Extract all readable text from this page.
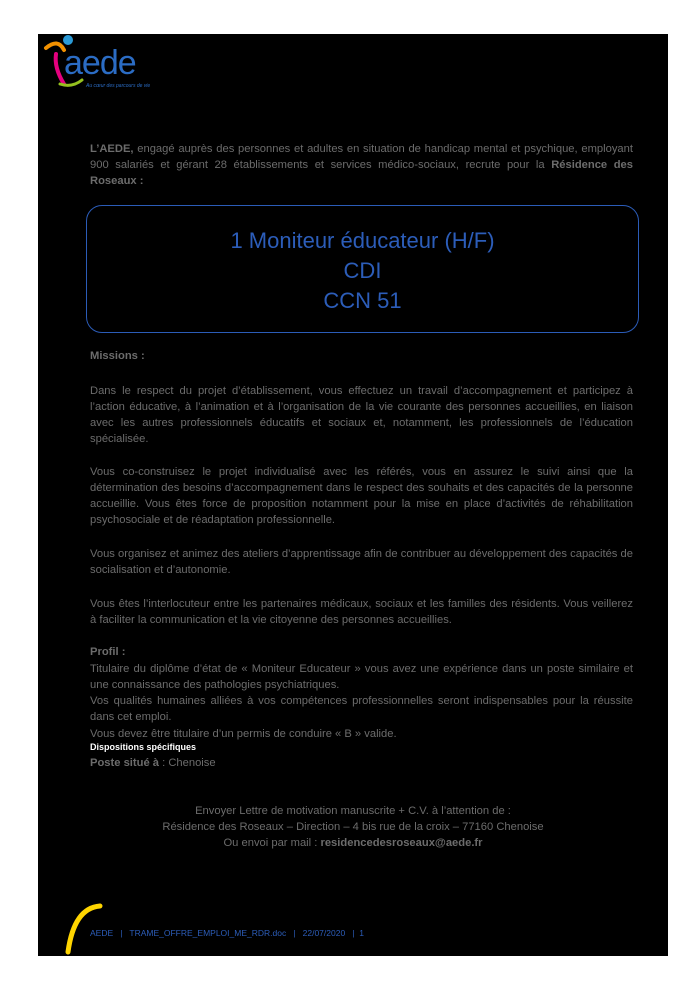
aede
Au cœur des parcours de vie
L’AEDE, engagé auprès des personnes et adultes en situation de handicap mental et psychique, employant 900 salariés et gérant 28 établissements et services médico-sociaux, recrute pour la Résidence des Roseaux :
1 Moniteur éducateur (H/F)
CDI
CCN 51
Missions :
Dans le respect du projet d’établissement, vous effectuez un travail d’accompagnement et participez à l’action éducative, à l’animation et à l’organisation de la vie courante des personnes accueillies, en liaison avec les autres professionnels éducatifs et sociaux et, notamment, les professionnels de l’éducation spécialisée.
Vous co-construisez le projet individualisé avec les référés, vous en assurez le suivi ainsi que la détermination des besoins d’accompagnement dans le respect des souhaits et des capacités de la personne accueillie. Vous êtes force de proposition notamment pour la mise en place d’activités de réhabilitation psychosociale et de réadaptation professionnelle.
Vous organisez et animez des ateliers d’apprentissage afin de contribuer au développement des capacités de socialisation et d’autonomie.
Vous êtes l’interlocuteur entre les partenaires médicaux, sociaux et les familles des résidents. Vous veillerez à faciliter la communication et la vie citoyenne des personnes accueillies.
Profil :
Titulaire du diplôme d’état de « Moniteur Educateur » vous avez une expérience dans un poste similaire et une connaissance des pathologies psychiatriques.
Vos qualités humaines alliées à vos compétences professionnelles seront indispensables pour la réussite dans cet emploi.
Vous devez être titulaire d’un permis de conduire « B » valide.
Dispositions spécifiques
Poste situé à : Chenoise
Envoyer Lettre de motivation manuscrite + C.V. à l’attention de :
Résidence des Roseaux – Direction – 4 bis rue de la croix – 77160 Chenoise
Ou envoi par mail : residencedesroseaux@aede.fr
AEDE | TRAME_OFFRE_EMPLOI_ME_RDR.doc | 22/07/2020 | 1
